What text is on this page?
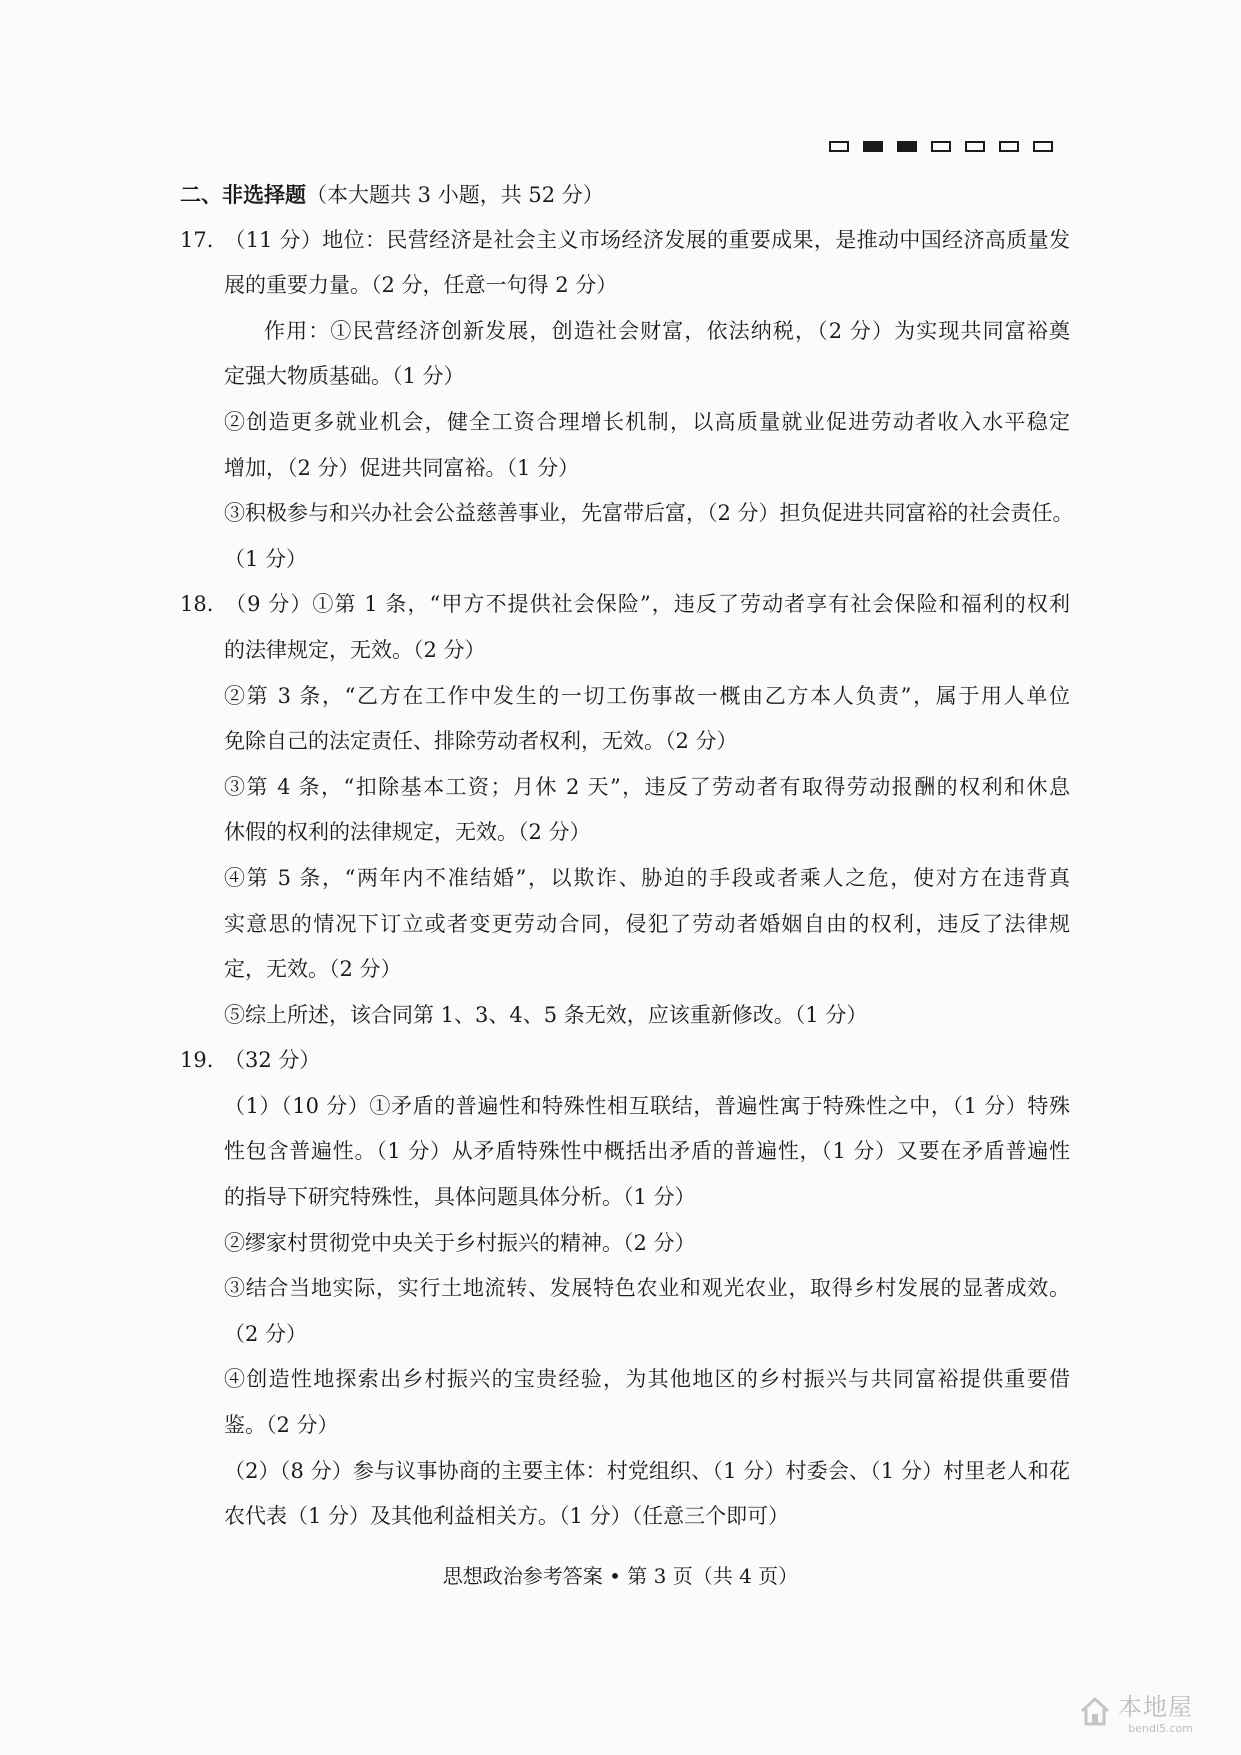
二、非选择题（本大题共 3 小题，共 52 分）
17. （11 分）地位：民营经济是社会主义市场经济发展的重要成果，是推动中国经济高质量发
展的重要力量。（2 分，任意一句得 2 分）
作用：①民营经济创新发展，创造社会财富，依法纳税，（2 分）为实现共同富裕奠
定强大物质基础。（1 分）
②创造更多就业机会，健全工资合理增长机制，以高质量就业促进劳动者收入水平稳定
增加，（2 分）促进共同富裕。（1 分）
③积极参与和兴办社会公益慈善事业，先富带后富，（2 分）担负促进共同富裕的社会责任。
（1 分）
18. （9 分）①第 1 条，“甲方不提供社会保险”，违反了劳动者享有社会保险和福利的权利
的法律规定，无效。（2 分）
②第 3 条，“乙方在工作中发生的一切工伤事故一概由乙方本人负责”，属于用人单位
免除自己的法定责任、排除劳动者权利，无效。（2 分）
③第 4 条，“扣除基本工资；月休 2 天”，违反了劳动者有取得劳动报酬的权利和休息
休假的权利的法律规定，无效。（2 分）
④第 5 条，“两年内不准结婚”，以欺诈、胁迫的手段或者乘人之危，使对方在违背真
实意思的情况下订立或者变更劳动合同，侵犯了劳动者婚姻自由的权利，违反了法律规
定，无效。（2 分）
⑤综上所述，该合同第 1、3、4、5 条无效，应该重新修改。（1 分）
19. （32 分）
（1）（10 分）①矛盾的普遍性和特殊性相互联结，普遍性寓于特殊性之中，（1 分）特殊
性包含普遍性。（1 分）从矛盾特殊性中概括出矛盾的普遍性，（1 分）又要在矛盾普遍性
的指导下研究特殊性，具体问题具体分析。（1 分）
②缪家村贯彻党中央关于乡村振兴的精神。（2 分）
③结合当地实际，实行土地流转、发展特色农业和观光农业，取得乡村发展的显著成效。
（2 分）
④创造性地探索出乡村振兴的宝贵经验，为其他地区的乡村振兴与共同富裕提供重要借
鉴。（2 分）
（2）（8 分）参与议事协商的主要主体：村党组织、（1 分）村委会、（1 分）村里老人和花
农代表（1 分）及其他利益相关方。（1 分）（任意三个即可）
思想政治参考答案 • 第 3 页（共 4 页）
本地屋
bendi5.com
